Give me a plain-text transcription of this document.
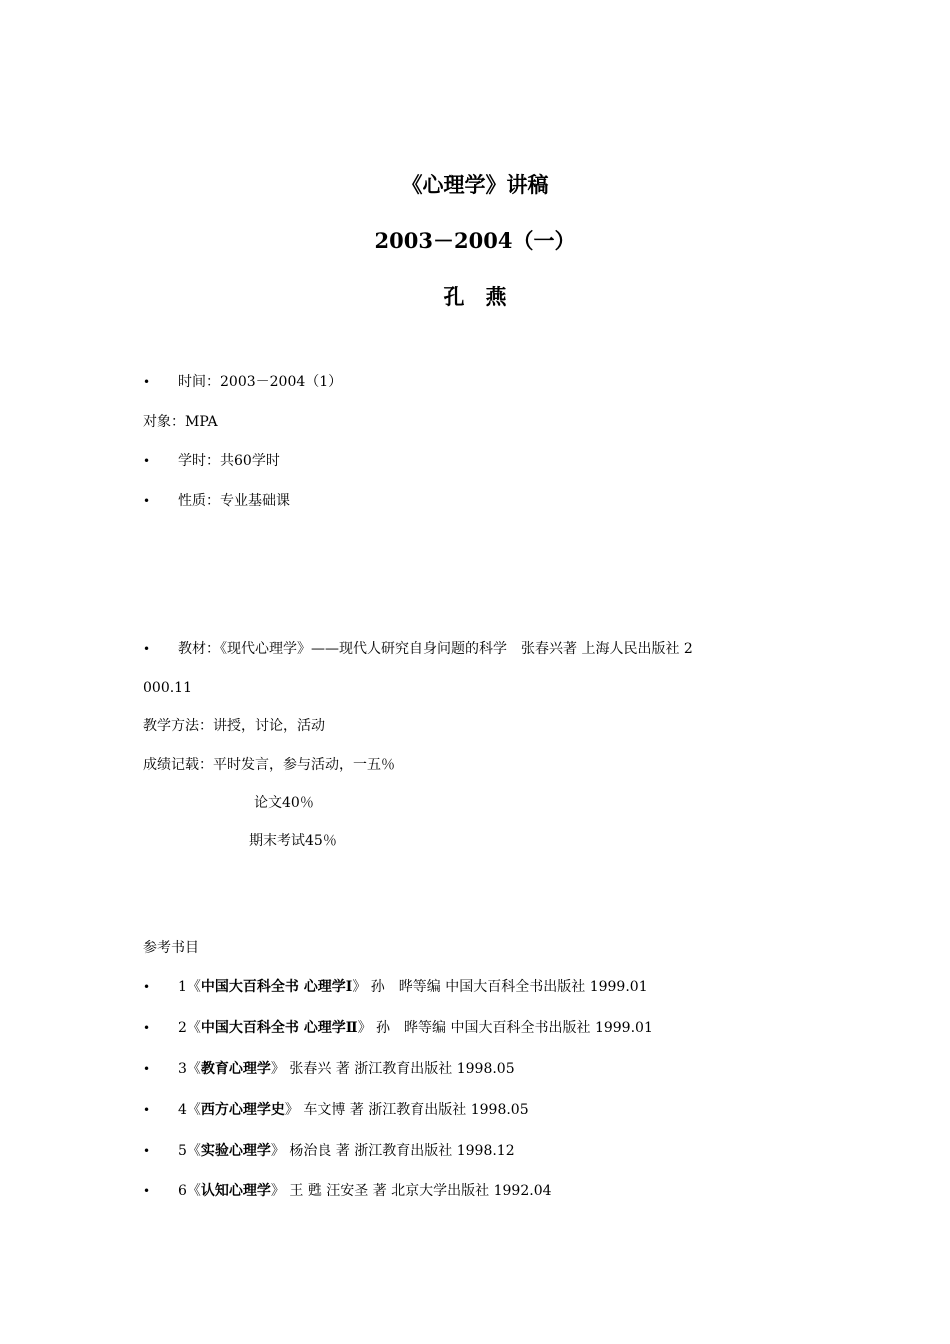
《心理学》讲稿
2003－2004（一）
孔　燕
• 时间：2003－2004（1）
对象：MPA
• 学时：共60学时
• 性质：专业基础课
• 教材：《现代心理学》——现代人研究自身问题的科学　张春兴著 上海人民出版社 2
000.11
教学方法：讲授，讨论，活动
成绩记载：平时发言，参与活动，一五％
论文40％
期末考试45％
参考书目
• 1《中国大百科全书 心理学Ⅰ》 孙　晔等编 中国大百科全书出版社 1999.01
• 2《中国大百科全书 心理学Ⅱ》 孙　晔等编 中国大百科全书出版社 1999.01
• 3《教育心理学》 张春兴 著 浙江教育出版社 1998.05
• 4《西方心理学史》 车文博 著 浙江教育出版社 1998.05
• 5《实验心理学》 杨治良 著 浙江教育出版社 1998.12
• 6《认知心理学》 王 甦 汪安圣 著 北京大学出版社 1992.04
